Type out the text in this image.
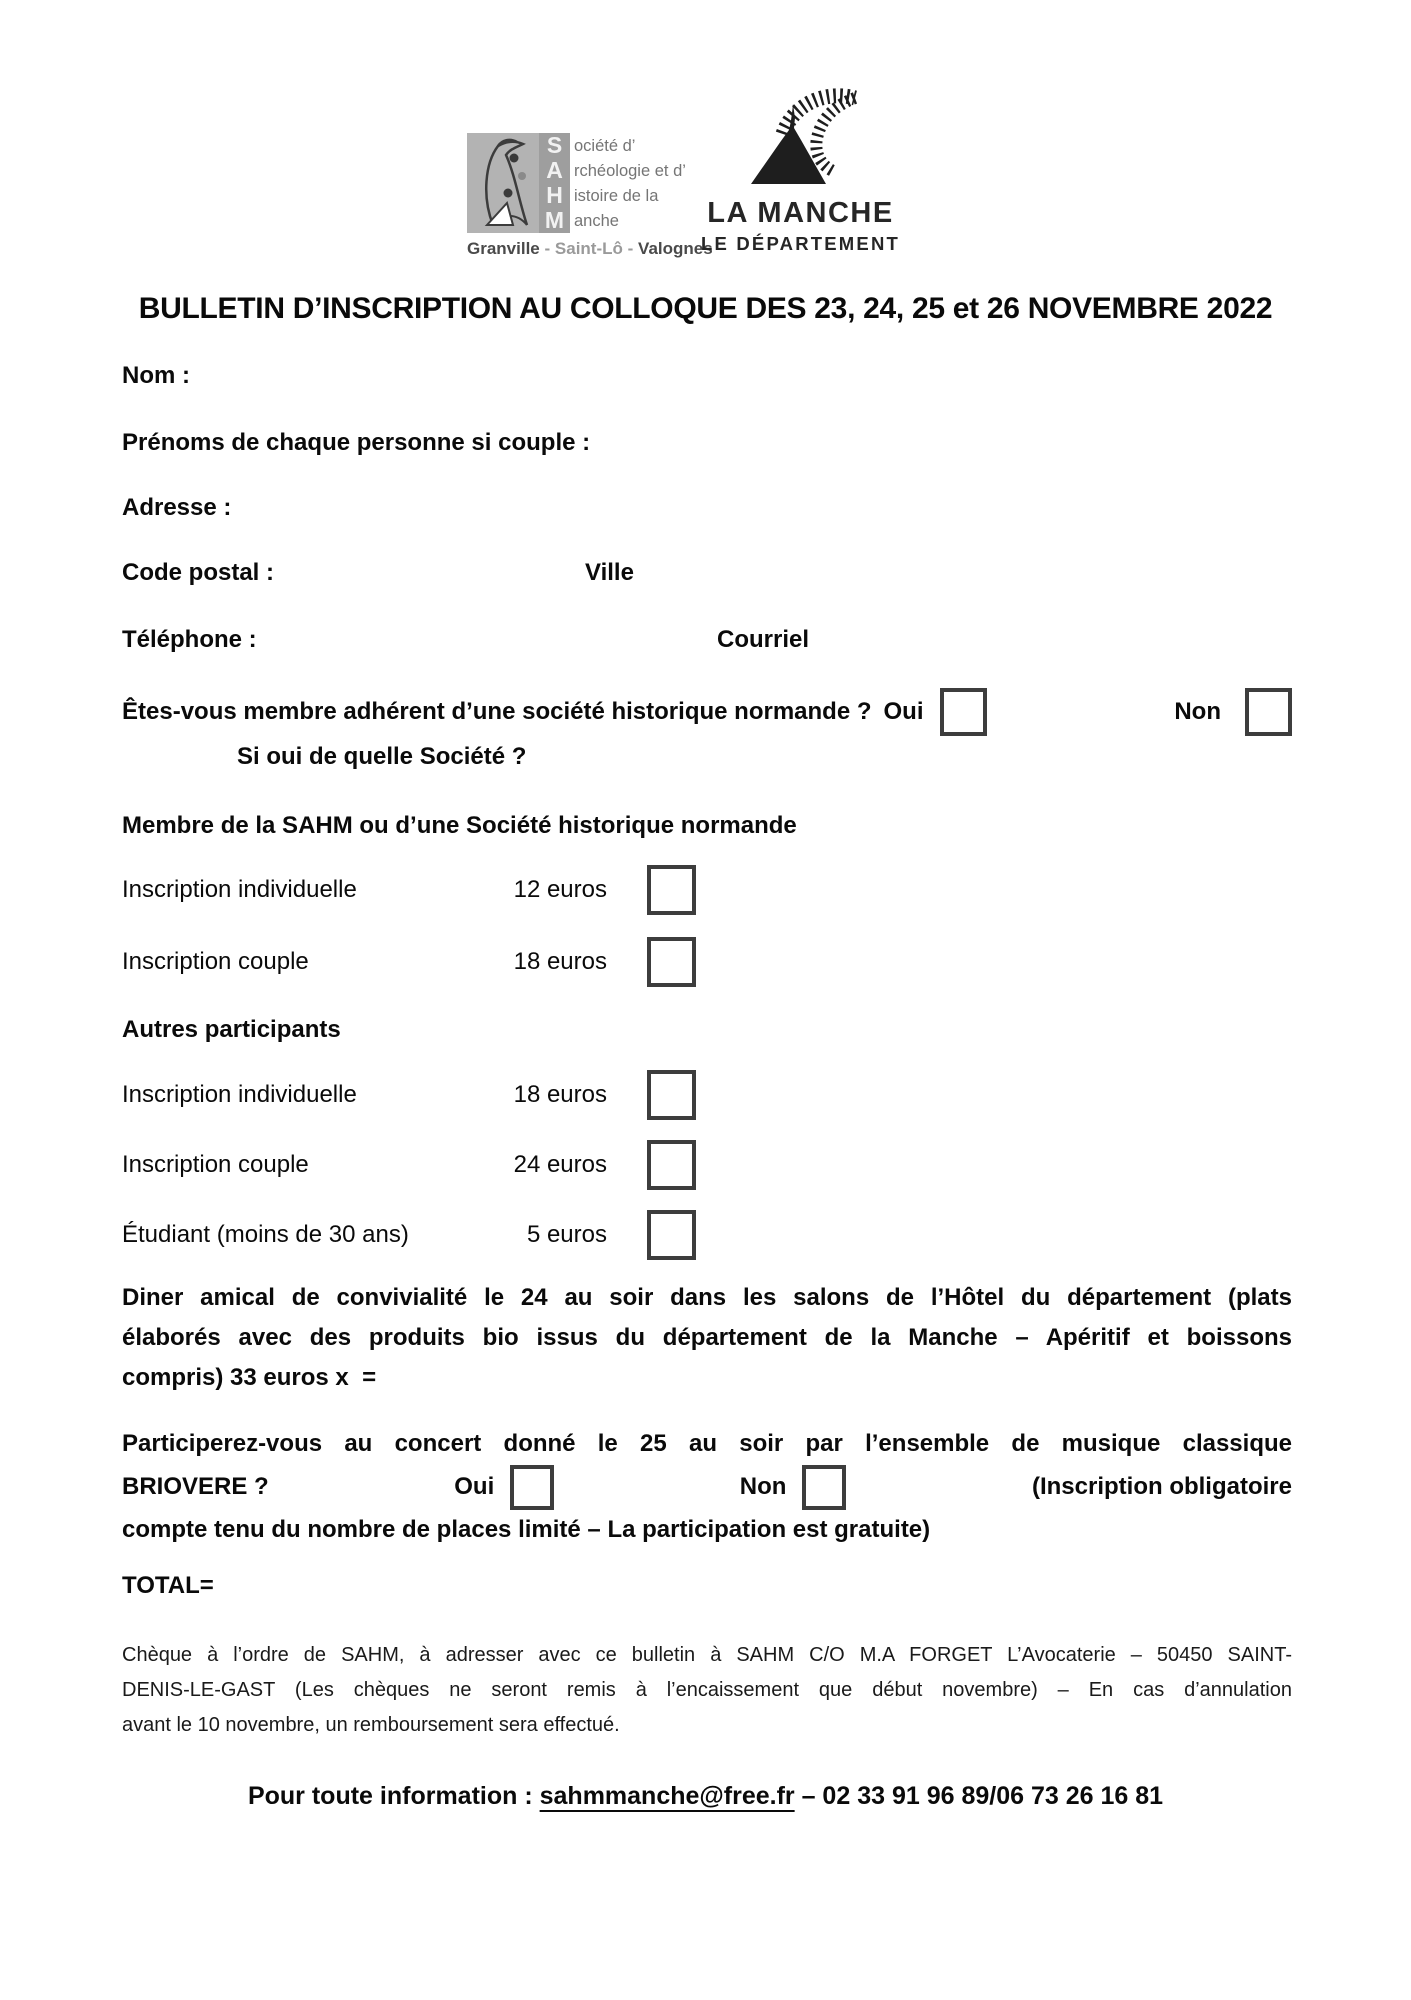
S
A
H
M
ociété d’
rchéologie et d’
istoire de la
anche
Granville - Saint-Lô - Valognes
LA MANCHE
LE DÉPARTEMENT
BULLETIN D’INSCRIPTION AU COLLOQUE DES 23, 24, 25 et 26 NOVEMBRE 2022
Nom :
Prénoms de chaque personne si couple :
Adresse :
Code postal :	Ville
Téléphone :	Courriel
Êtes-vous membre adhérent d’une société historique normande ? Oui	Non
Si oui de quelle Société ?
Membre de la SAHM ou d’une Société historique normande
Inscription individuelle	12 euros
Inscription couple	18 euros
Autres participants
Inscription individuelle	18 euros
Inscription couple	24 euros
Étudiant (moins de 30 ans)	5 euros
Diner amical de convivialité le 24 au soir dans les salons de l’Hôtel du département (plats
élaborés avec des produits bio issus du département de la Manche – Apéritif et boissons
compris) 33 euros x  =
Participerez-vous au concert donné le 25 au soir par l’ensemble de musique classique
BRIOVERE ?	Oui	Non	(Inscription obligatoire
compte tenu du nombre de places limité – La participation est gratuite)
TOTAL=
Chèque à l’ordre de SAHM, à adresser avec ce bulletin à SAHM C/O M.A FORGET L’Avocaterie – 50450 SAINT-
DENIS-LE-GAST (Les chèques ne seront remis à l’encaissement que début novembre) – En cas d’annulation
avant le 10 novembre, un remboursement sera effectué.
Pour toute information : sahmmanche@free.fr – 02 33 91 96 89/06 73 26 16 81
